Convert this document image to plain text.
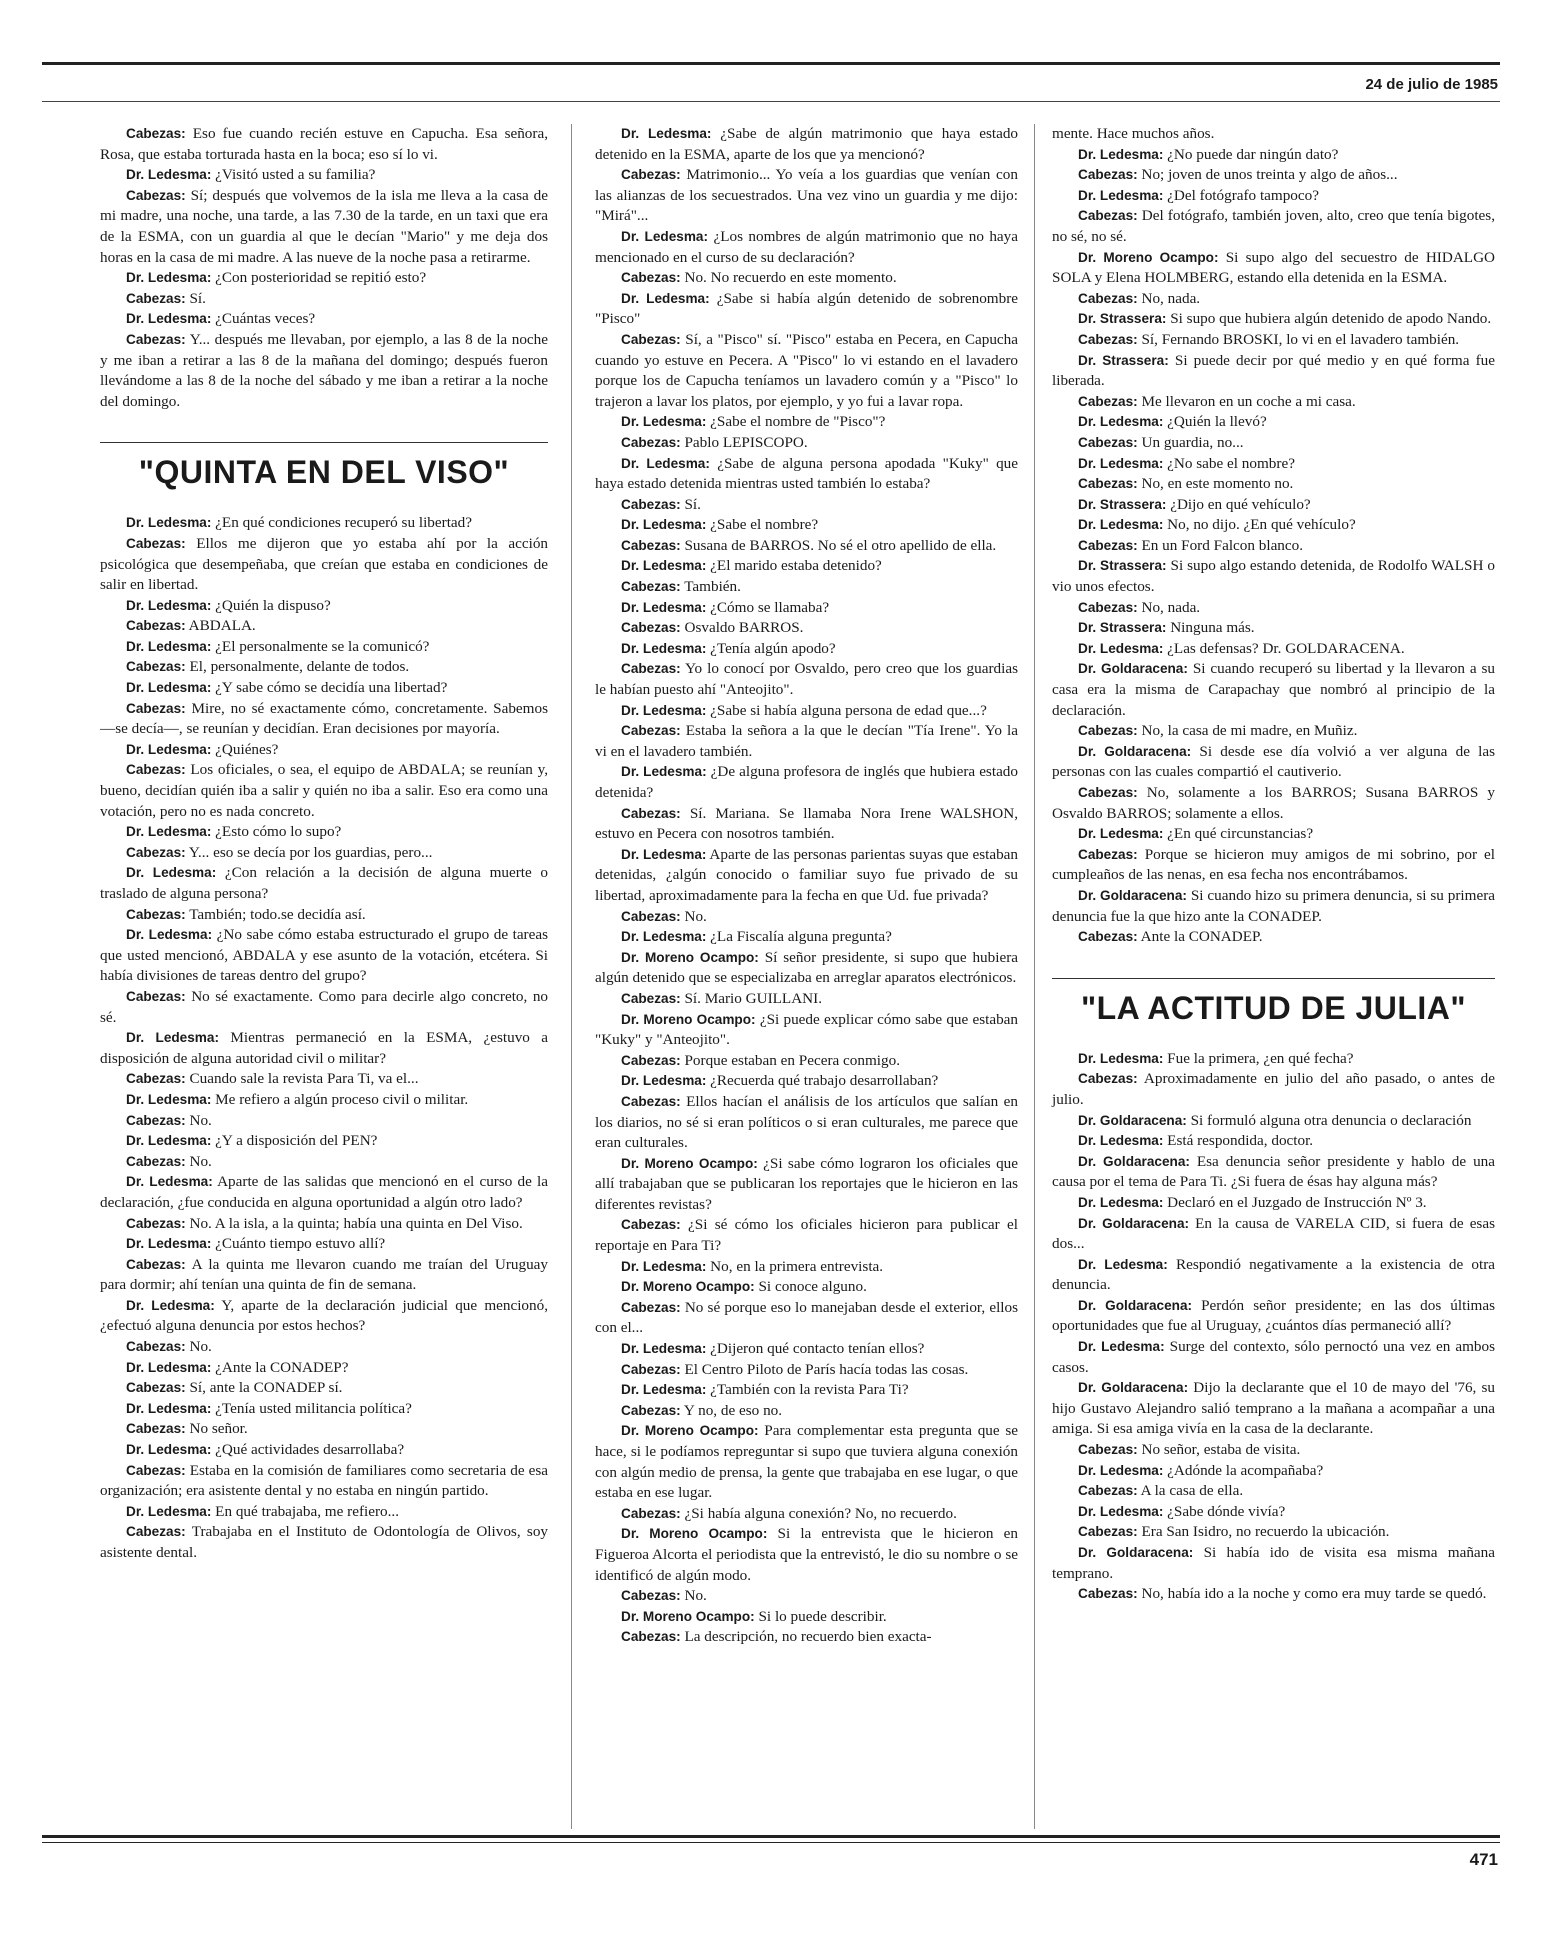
24 de julio de 1985

Cabezas: Eso fue cuando recién estuve en Capucha. Esa señora, Rosa, que estaba torturada hasta en la boca; eso sí lo vi.

Dr. Ledesma: ¿Visitó usted a su familia?

Cabezas: Sí; después que volvemos de la isla me lleva a la casa de mi madre, una noche, una tarde, a las 7.30 de la tarde, en un taxi que era de la ESMA, con un guardia al que le decían "Mario" y me deja dos horas en la casa de mi madre. A las nueve de la noche pasa a retirarme.

Dr. Ledesma: ¿Con posterioridad se repitió esto?

Cabezas: Sí.

Dr. Ledesma: ¿Cuántas veces?

Cabezas: Y... después me llevaban, por ejemplo, a las 8 de la noche y me iban a retirar a las 8 de la mañana del domingo; después fueron llevándome a las 8 de la noche del sábado y me iban a retirar a la noche del domingo.

"QUINTA EN DEL VISO"

Dr. Ledesma: ¿En qué condiciones recuperó su libertad?

Cabezas: Ellos me dijeron que yo estaba ahí por la acción psicológica que desempeñaba, que creían que estaba en condiciones de salir en libertad.

Dr. Ledesma: ¿Quién la dispuso?

Cabezas: ABDALA.

Dr. Ledesma: ¿El personalmente se la comunicó?

Cabezas: El, personalmente, delante de todos.

Dr. Ledesma: ¿Y sabe cómo se decidía una libertad?

Cabezas: Mire, no sé exactamente cómo, concretamente. Sabemos —se decía—, se reunían y decidían. Eran decisiones por mayoría.

Dr. Ledesma: ¿Quiénes?

Cabezas: Los oficiales, o sea, el equipo de ABDALA; se reunían y, bueno, decidían quién iba a salir y quién no iba a salir. Eso era como una votación, pero no es nada concreto.

Dr. Ledesma: ¿Esto cómo lo supo?

Cabezas: Y... eso se decía por los guardias, pero...

Dr. Ledesma: ¿Con relación a la decisión de alguna muerte o traslado de alguna persona?

Cabezas: También; todo.se decidía así.

Dr. Ledesma: ¿No sabe cómo estaba estructurado el grupo de tareas que usted mencionó, ABDALA y ese asunto de la votación, etcétera. Si había divisiones de tareas dentro del grupo?

Cabezas: No sé exactamente. Como para decirle algo concreto, no sé.

Dr. Ledesma: Mientras permaneció en la ESMA, ¿estuvo a disposición de alguna autoridad civil o militar?

Cabezas: Cuando sale la revista Para Ti, va el...

Dr. Ledesma: Me refiero a algún proceso civil o militar.

Cabezas: No.

Dr. Ledesma: ¿Y a disposición del PEN?

Cabezas: No.

Dr. Ledesma: Aparte de las salidas que mencionó en el curso de la declaración, ¿fue conducida en alguna oportunidad a algún otro lado?

Cabezas: No. A la isla, a la quinta; había una quinta en Del Viso.

Dr. Ledesma: ¿Cuánto tiempo estuvo allí?

Cabezas: A la quinta me llevaron cuando me traían del Uruguay para dormir; ahí tenían una quinta de fin de semana.

Dr. Ledesma: Y, aparte de la declaración judicial que mencionó, ¿efectuó alguna denuncia por estos hechos?

Cabezas: No.

Dr. Ledesma: ¿Ante la CONADEP?

Cabezas: Sí, ante la CONADEP sí.

Dr. Ledesma: ¿Tenía usted militancia política?

Cabezas: No señor.

Dr. Ledesma: ¿Qué actividades desarrollaba?

Cabezas: Estaba en la comisión de familiares como secretaria de esa organización; era asistente dental y no estaba en ningún partido.

Dr. Ledesma: En qué trabajaba, me refiero...

Cabezas: Trabajaba en el Instituto de Odontología de Olivos, soy asistente dental.

Dr. Ledesma: ¿Sabe de algún matrimonio que haya estado detenido en la ESMA, aparte de los que ya mencionó?

Cabezas: Matrimonio... Yo veía a los guardias que venían con las alianzas de los secuestrados. Una vez vino un guardia y me dijo: "Mirá"...

Dr. Ledesma: ¿Los nombres de algún matrimonio que no haya mencionado en el curso de su declaración?

Cabezas: No. No recuerdo en este momento.

Dr. Ledesma: ¿Sabe si había algún detenido de sobrenombre "Pisco"

Cabezas: Sí, a "Pisco" sí. "Pisco" estaba en Pecera, en Capucha cuando yo estuve en Pecera. A "Pisco" lo vi estando en el lavadero porque los de Capucha teníamos un lavadero común y a "Pisco" lo trajeron a lavar los platos, por ejemplo, y yo fui a lavar ropa.

Dr. Ledesma: ¿Sabe el nombre de "Pisco"?

Cabezas: Pablo LEPISCOPO.

Dr. Ledesma: ¿Sabe de alguna persona apodada "Kuky" que haya estado detenida mientras usted también lo estaba?

Cabezas: Sí.

Dr. Ledesma: ¿Sabe el nombre?

Cabezas: Susana de BARROS. No sé el otro apellido de ella.

Dr. Ledesma: ¿El marido estaba detenido?

Cabezas: También.

Dr. Ledesma: ¿Cómo se llamaba?

Cabezas: Osvaldo BARROS.

Dr. Ledesma: ¿Tenía algún apodo?

Cabezas: Yo lo conocí por Osvaldo, pero creo que los guardias le habían puesto ahí "Anteojito".

Dr. Ledesma: ¿Sabe si había alguna persona de edad que...?

Cabezas: Estaba la señora a la que le decían "Tía Irene". Yo la vi en el lavadero también.

Dr. Ledesma: ¿De alguna profesora de inglés que hubiera estado detenida?

Cabezas: Sí. Mariana. Se llamaba Nora Irene WALSHON, estuvo en Pecera con nosotros también.

Dr. Ledesma: Aparte de las personas parientas suyas que estaban detenidas, ¿algún conocido o familiar suyo fue privado de su libertad, aproximadamente para la fecha en que Ud. fue privada?

Cabezas: No.

Dr. Ledesma: ¿La Fiscalía alguna pregunta?

Dr. Moreno Ocampo: Sí señor presidente, si supo que hubiera algún detenido que se especializaba en arreglar aparatos electrónicos.

Cabezas: Sí. Mario GUILLANI.

Dr. Moreno Ocampo: ¿Si puede explicar cómo sabe que estaban "Kuky" y "Anteojito".

Cabezas: Porque estaban en Pecera conmigo.

Dr. Ledesma: ¿Recuerda qué trabajo desarrollaban?

Cabezas: Ellos hacían el análisis de los artículos que salían en los diarios, no sé si eran políticos o si eran culturales, me parece que eran culturales.

Dr. Moreno Ocampo: ¿Si sabe cómo lograron los oficiales que allí trabajaban que se publicaran los reportajes que le hicieron en las diferentes revistas?

Cabezas: ¿Si sé cómo los oficiales hicieron para publicar el reportaje en Para Ti?

Dr. Ledesma: No, en la primera entrevista.

Dr. Moreno Ocampo: Si conoce alguno.

Cabezas: No sé porque eso lo manejaban desde el exterior, ellos con el...

Dr. Ledesma: ¿Dijeron qué contacto tenían ellos?

Cabezas: El Centro Piloto de París hacía todas las cosas.

Dr. Ledesma: ¿También con la revista Para Ti?

Cabezas: Y no, de eso no.

Dr. Moreno Ocampo: Para complementar esta pregunta que se hace, si le podíamos repreguntar si supo que tuviera alguna conexión con algún medio de prensa, la gente que trabajaba en ese lugar, o que estaba en ese lugar.

Cabezas: ¿Si había alguna conexión? No, no recuerdo.

Dr. Moreno Ocampo: Si la entrevista que le hicieron en Figueroa Alcorta el periodista que la entrevistó, le dio su nombre o se identificó de algún modo.

Cabezas: No.

Dr. Moreno Ocampo: Si lo puede describir.

Cabezas: La descripción, no recuerdo bien exacta-

mente. Hace muchos años.

Dr. Ledesma: ¿No puede dar ningún dato?

Cabezas: No; joven de unos treinta y algo de años...

Dr. Ledesma: ¿Del fotógrafo tampoco?

Cabezas: Del fotógrafo, también joven, alto, creo que tenía bigotes, no sé, no sé.

Dr. Moreno Ocampo: Si supo algo del secuestro de HIDALGO SOLA y Elena HOLMBERG, estando ella detenida en la ESMA.

Cabezas: No, nada.

Dr. Strassera: Si supo que hubiera algún detenido de apodo Nando.

Cabezas: Sí, Fernando BROSKI, lo vi en el lavadero también.

Dr. Strassera: Si puede decir por qué medio y en qué forma fue liberada.

Cabezas: Me llevaron en un coche a mi casa.

Dr. Ledesma: ¿Quién la llevó?

Cabezas: Un guardia, no...

Dr. Ledesma: ¿No sabe el nombre?

Cabezas: No, en este momento no.

Dr. Strassera: ¿Dijo en qué vehículo?

Dr. Ledesma: No, no dijo. ¿En qué vehículo?

Cabezas: En un Ford Falcon blanco.

Dr. Strassera: Si supo algo estando detenida, de Rodolfo WALSH o vio unos efectos.

Cabezas: No, nada.

Dr. Strassera: Ninguna más.

Dr. Ledesma: ¿Las defensas? Dr. GOLDARACENA.

Dr. Goldaracena: Si cuando recuperó su libertad y la llevaron a su casa era la misma de Carapachay que nombró al principio de la declaración.

Cabezas: No, la casa de mi madre, en Muñiz.

Dr. Goldaracena: Si desde ese día volvió a ver alguna de las personas con las cuales compartió el cautiverio.

Cabezas: No, solamente a los BARROS; Susana BARROS y Osvaldo BARROS; solamente a ellos.

Dr. Ledesma: ¿En qué circunstancias?

Cabezas: Porque se hicieron muy amigos de mi sobrino, por el cumpleaños de las nenas, en esa fecha nos encontrábamos.

Dr. Goldaracena: Si cuando hizo su primera denuncia, si su primera denuncia fue la que hizo ante la CONADEP.

Cabezas: Ante la CONADEP.

"LA ACTITUD DE JULIA"

Dr. Ledesma: Fue la primera, ¿en qué fecha?

Cabezas: Aproximadamente en julio del año pasado, o antes de julio.

Dr. Goldaracena: Si formuló alguna otra denuncia o declaración

Dr. Ledesma: Está respondida, doctor.

Dr. Goldaracena: Esa denuncia señor presidente y hablo de una causa por el tema de Para Ti. ¿Si fuera de ésas hay alguna más?

Dr. Ledesma: Declaró en el Juzgado de Instrucción Nº 3.

Dr. Goldaracena: En la causa de VARELA CID, si fuera de esas dos...

Dr. Ledesma: Respondió negativamente a la existencia de otra denuncia.

Dr. Goldaracena: Perdón señor presidente; en las dos últimas oportunidades que fue al Uruguay, ¿cuántos días permaneció allí?

Dr. Ledesma: Surge del contexto, sólo pernoctó una vez en ambos casos.

Dr. Goldaracena: Dijo la declarante que el 10 de mayo del '76, su hijo Gustavo Alejandro salió temprano a la mañana a acompañar a una amiga. Si esa amiga vivía en la casa de la declarante.

Cabezas: No señor, estaba de visita.

Dr. Ledesma: ¿Adónde la acompañaba?

Cabezas: A la casa de ella.

Dr. Ledesma: ¿Sabe dónde vivía?

Cabezas: Era San Isidro, no recuerdo la ubicación.

Dr. Goldaracena: Si había ido de visita esa misma mañana temprano.

Cabezas: No, había ido a la noche y como era muy tarde se quedó.

471
